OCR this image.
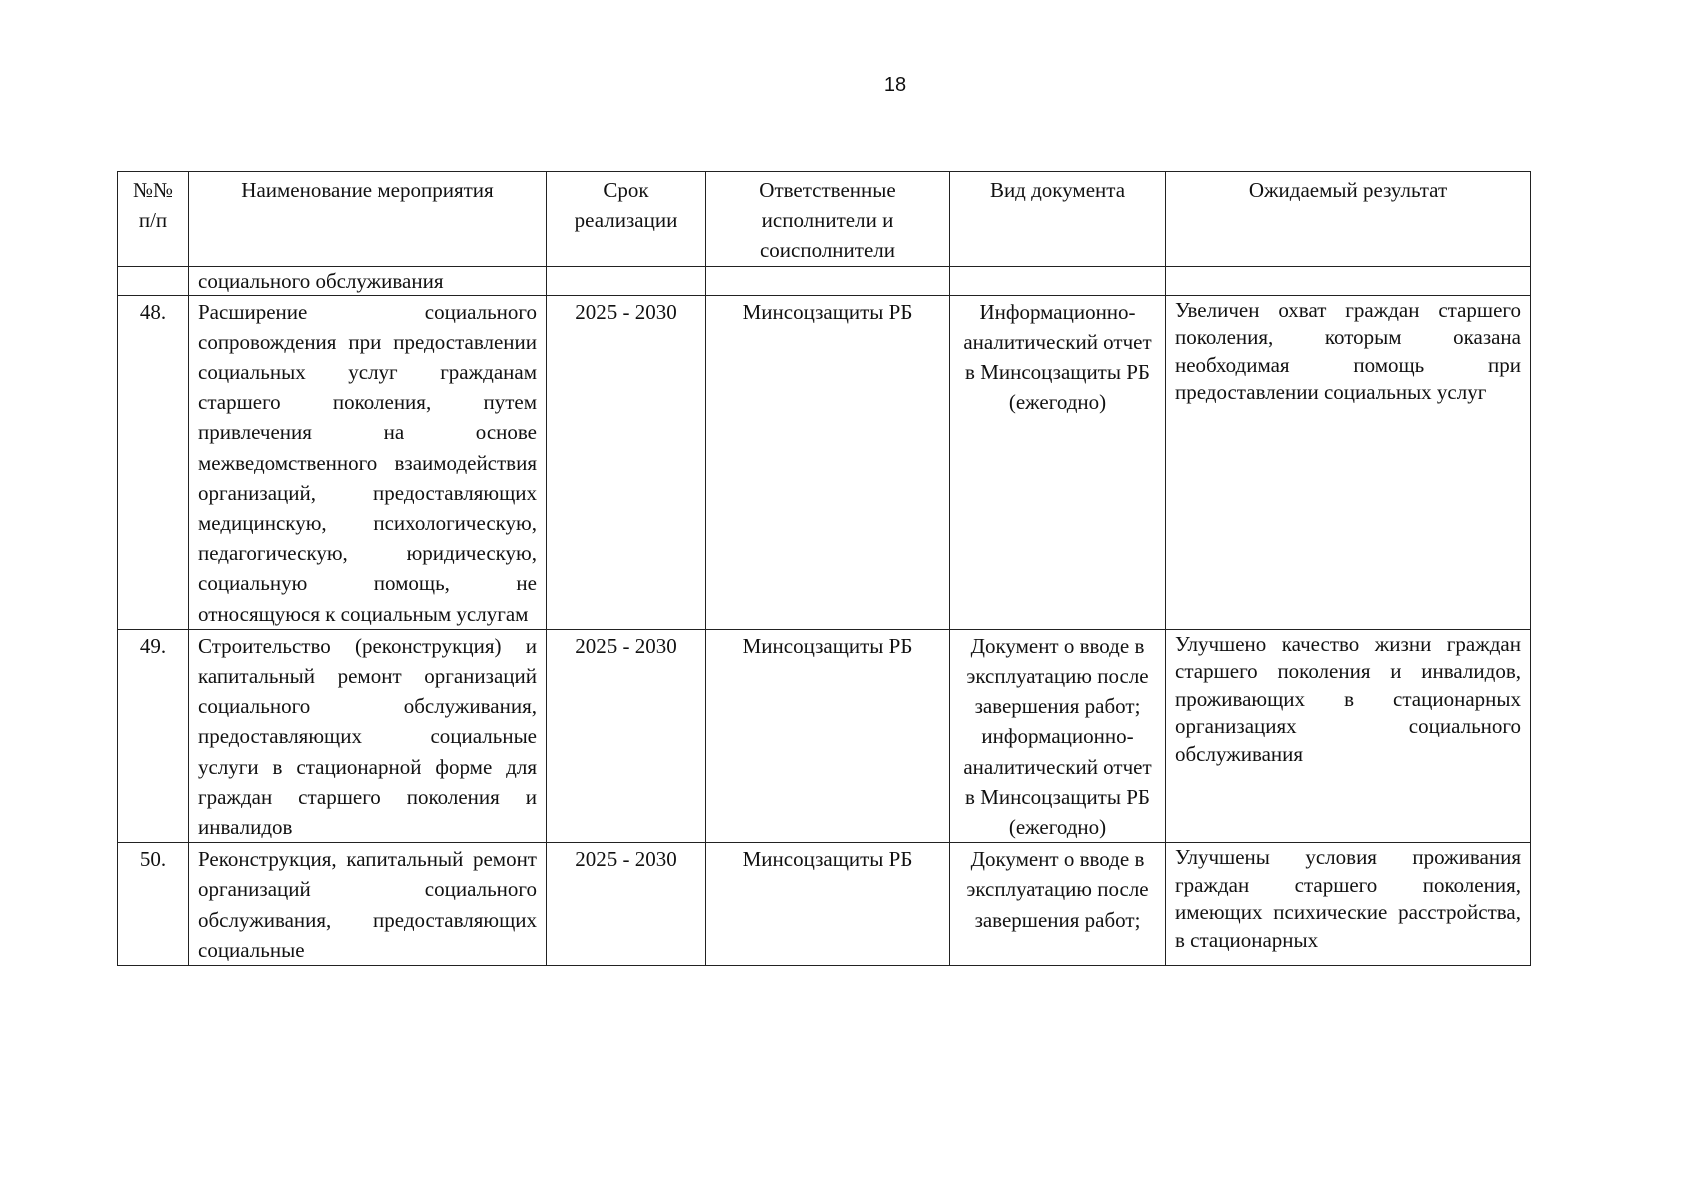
18
№№ п/п	Наименование мероприятия	Срок реализации	Ответственные исполнители и соисполнители	Вид документа	Ожидаемый результат
	социального обслуживания				
48.	Расширение социального сопровождения при предоставлении социальных услуг гражданам старшего поколения, путем привлечения на основе межведомственного взаимодействия организаций, предоставляющих медицинскую, психологическую, педагогическую, юридическую, социальную помощь, не относящуюся к социальным услугам	2025 - 2030	Минсоцзащиты РБ	Информационно-аналитический отчет в Минсоцзащиты РБ (ежегодно)	Увеличен охват граждан старшего поколения, которым оказана необходимая помощь при предоставлении социальных услуг
49.	Строительство (реконструкция) и капитальный ремонт организаций социального обслуживания, предоставляющих социальные услуги в стационарной форме для граждан старшего поколения и инвалидов	2025 - 2030	Минсоцзащиты РБ	Документ о вводе в эксплуатацию после завершения работ; информационно-аналитический отчет в Минсоцзащиты РБ (ежегодно)	Улучшено качество жизни граждан старшего поколения и инвалидов, проживающих в стационарных организациях социального обслуживания
50.	Реконструкция, капитальный ремонт организаций социального обслуживания, предоставляющих социальные	2025 - 2030	Минсоцзащиты РБ	Документ о вводе в эксплуатацию после завершения работ;	Улучшены условия проживания граждан старшего поколения, имеющих психические расстройства, в стационарных
